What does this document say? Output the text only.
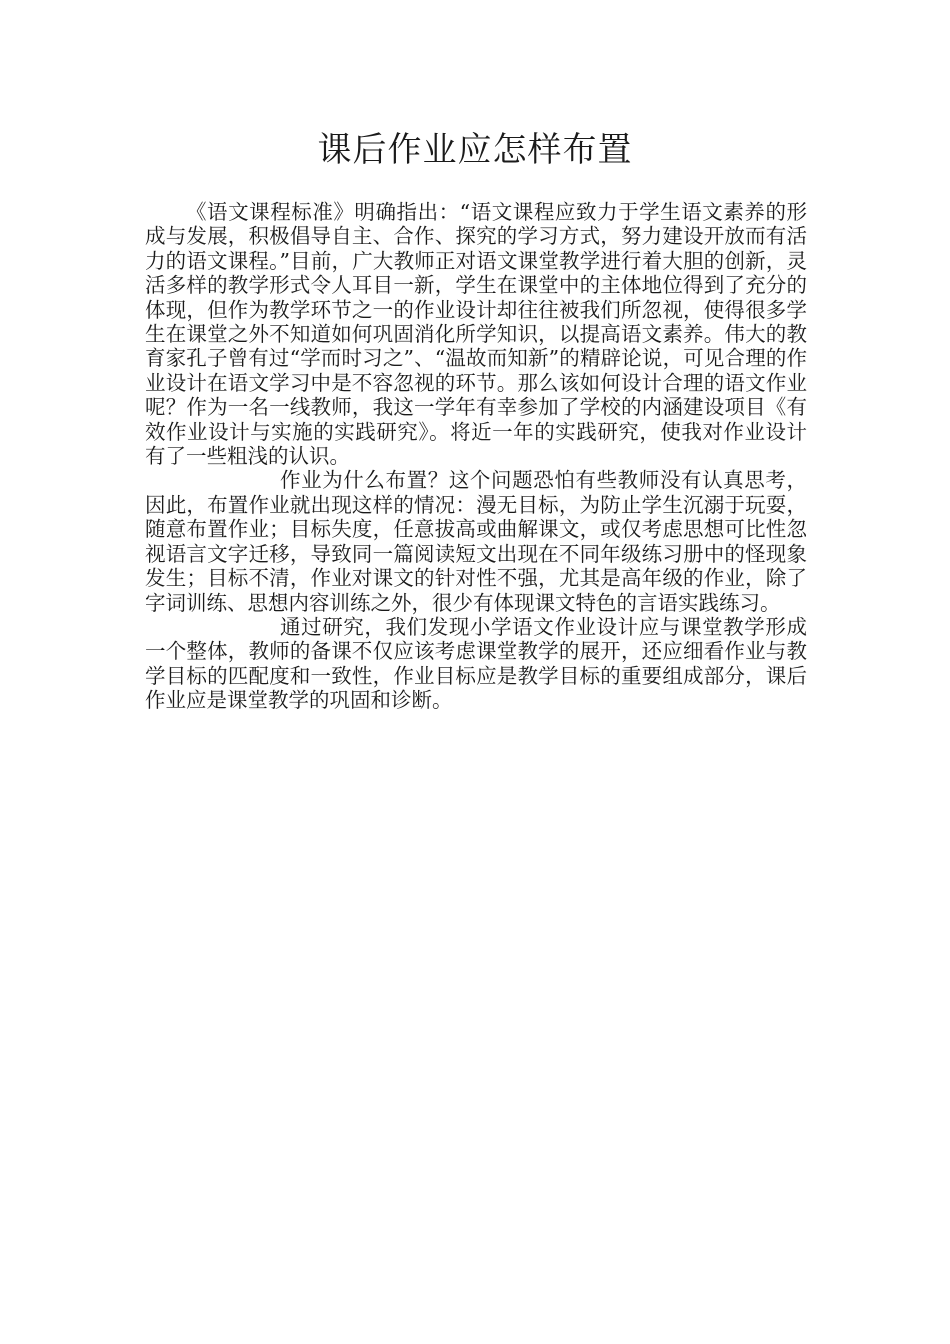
课后作业应怎样布置

《语文课程标准》明确指出：“语文课程应致力于学生语文素养的形成与发展，积极倡导自主、合作、探究的学习方式，努力建设开放而有活力的语文课程。”目前，广大教师正对语文课堂教学进行着大胆的创新，灵活多样的教学形式令人耳目一新，学生在课堂中的主体地位得到了充分的体现，但作为教学环节之一的作业设计却往往被我们所忽视，使得很多学生在课堂之外不知道如何巩固消化所学知识，以提高语文素养。伟大的教育家孔子曾有过“学而时习之”、“温故而知新”的精辟论说，可见合理的作业设计在语文学习中是不容忽视的环节。那么该如何设计合理的语文作业呢？作为一名一线教师，我这一学年有幸参加了学校的内涵建设项目《有效作业设计与实施的实践研究》。将近一年的实践研究，使我对作业设计有了一些粗浅的认识。

作业为什么布置？这个问题恐怕有些教师没有认真思考，因此，布置作业就出现这样的情况：漫无目标，为防止学生沉溺于玩耍，随意布置作业；目标失度，任意拔高或曲解课文，或仅考虑思想可比性忽视语言文字迁移，导致同一篇阅读短文出现在不同年级练习册中的怪现象发生；目标不清，作业对课文的针对性不强，尤其是高年级的作业，除了字词训练、思想内容训练之外，很少有体现课文特色的言语实践练习。

通过研究，我们发现小学语文作业设计应与课堂教学形成一个整体，教师的备课不仅应该考虑课堂教学的展开，还应细看作业与教学目标的匹配度和一致性，作业目标应是教学目标的重要组成部分，课后作业应是课堂教学的巩固和诊断。
